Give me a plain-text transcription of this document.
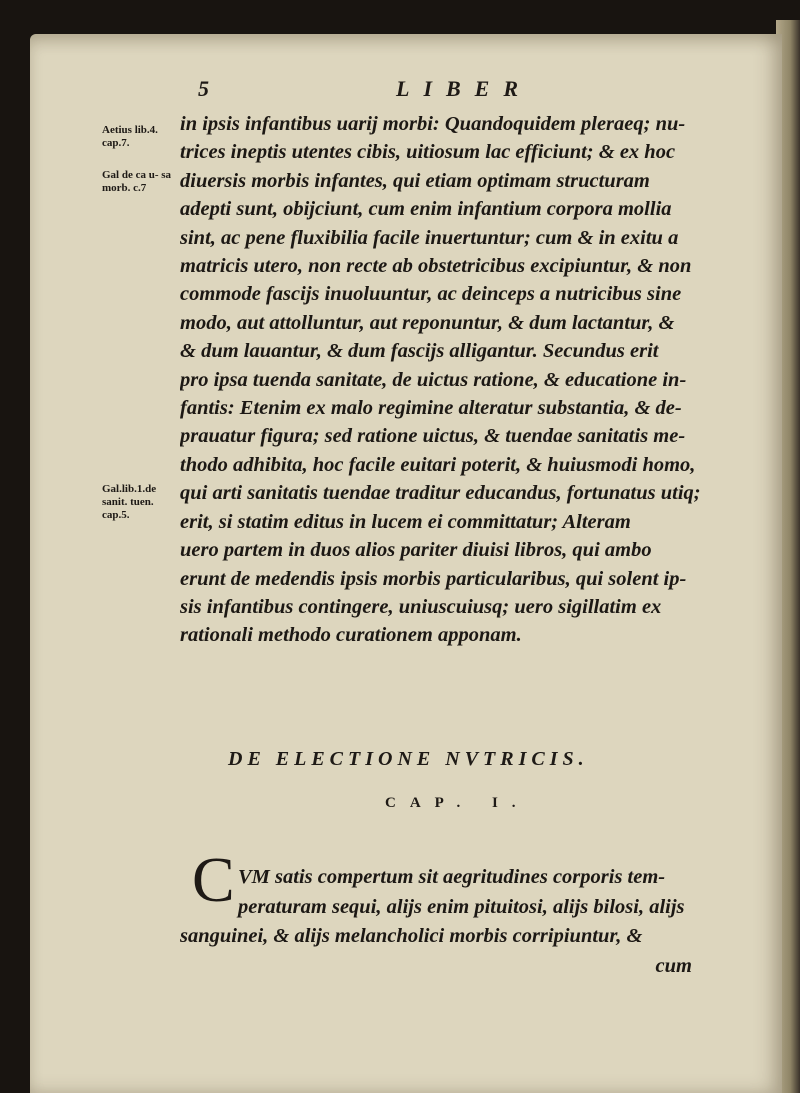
5	LIBER
Aetius lib.4. cap.7.
Gal de ca u- sa morb. c.7
Gal.lib.1.de sanit. tuen. cap.5.
in ipsis infantibus uarij morbi: Quandoquidem pleraeq; nu-
trices ineptis utentes cibis, uitiosum lac efficiunt; & ex hoc
diuersis morbis infantes, qui etiam optimam structuram
adepti sunt, obijciunt, cum enim infantium corpora mollia
sint, ac pene fluxibilia facile inuertuntur; cum & in exitu a
matricis utero, non recte ab obstetricibus excipiuntur, & non
commode fascijs inuoluuntur, ac deinceps a nutricibus sine
modo, aut attolluntur, aut reponuntur, & dum lactantur, &
& dum lauantur, & dum fascijs alligantur. Secundus erit
pro ipsa tuenda sanitate, de uictus ratione, & educatione in-
fantis: Etenim ex malo regimine alteratur substantia, & de-
prauatur figura; sed ratione uictus, & tuendae sanitatis me-
thodo adhibita, hoc facile euitari poterit, & huiusmodi homo,
qui arti sanitatis tuendae traditur educandus, fortunatus utiq;
erit, si statim editus in lucem ei committatur; Alteram
uero partem in duos alios pariter diuisi libros, qui ambo
erunt de medendis ipsis morbis particularibus, qui solent ip-
sis infantibus contingere, uniuscuiusq; uero sigillatim ex
rationali methodo curationem apponam.
DE ELECTIONE NVTRICIS.
CAP. I.
C VM satis compertum sit aegritudines corporis tem-
peraturam sequi, alijs enim pituitosi, alijs bilosi, alijs
sanguinei, & alijs melancholici morbis corripiuntur, &
cum
